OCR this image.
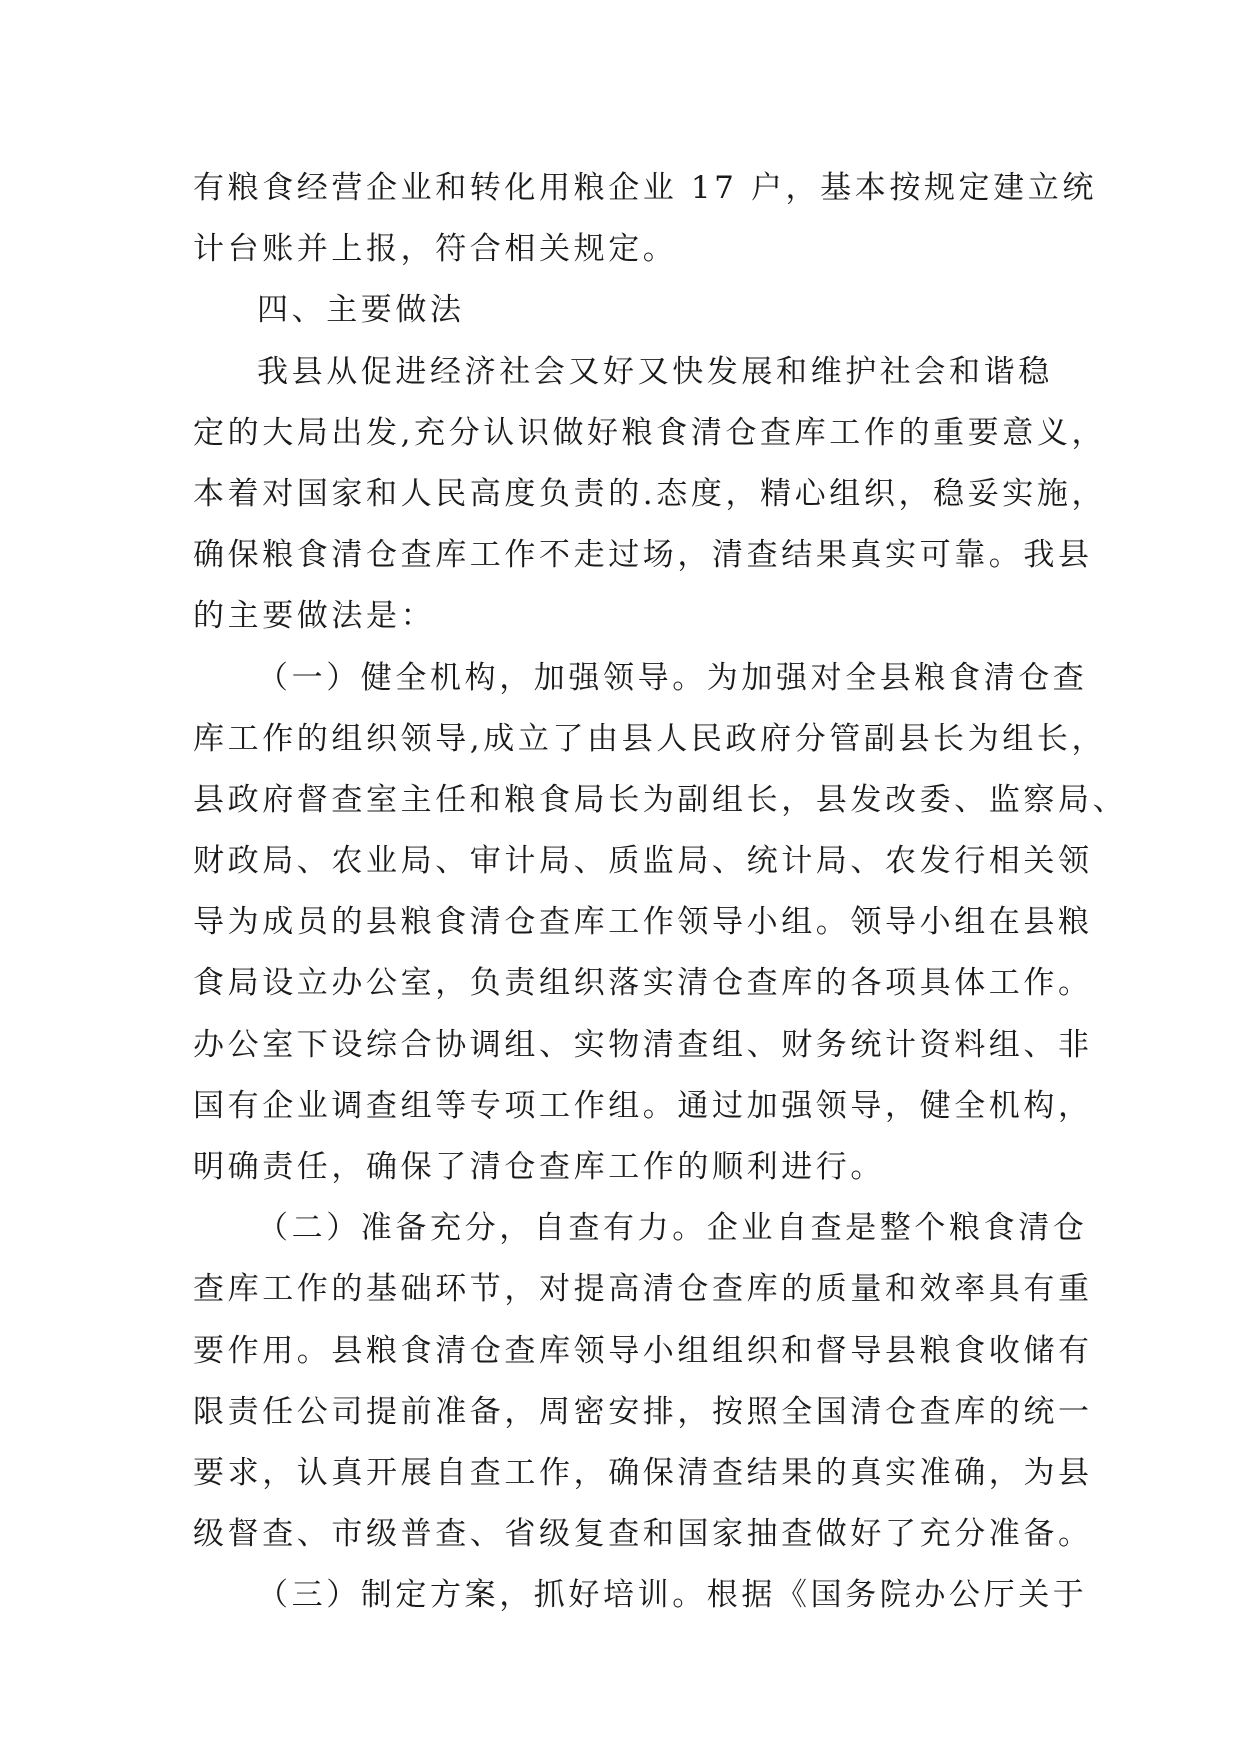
有粮食经营企业和转化用粮企业 17 户，基本按规定建立统
计台账并上报，符合相关规定。
四、主要做法
我县从促进经济社会又好又快发展和维护社会和谐稳
定的大局出发,充分认识做好粮食清仓查库工作的重要意义，
本着对国家和人民高度负责的.态度，精心组织，稳妥实施，
确保粮食清仓查库工作不走过场，清查结果真实可靠。我县
的主要做法是：
（一）健全机构，加强领导。为加强对全县粮食清仓查
库工作的组织领导,成立了由县人民政府分管副县长为组长，
县政府督查室主任和粮食局长为副组长，县发改委、监察局、
财政局、农业局、审计局、质监局、统计局、农发行相关领
导为成员的县粮食清仓查库工作领导小组。领导小组在县粮
食局设立办公室，负责组织落实清仓查库的各项具体工作。
办公室下设综合协调组、实物清查组、财务统计资料组、非
国有企业调查组等专项工作组。通过加强领导，健全机构，
明确责任，确保了清仓查库工作的顺利进行。
（二）准备充分，自查有力。企业自查是整个粮食清仓
查库工作的基础环节，对提高清仓查库的质量和效率具有重
要作用。县粮食清仓查库领导小组组织和督导县粮食收储有
限责任公司提前准备，周密安排，按照全国清仓查库的统一
要求，认真开展自查工作，确保清查结果的真实准确，为县
级督查、市级普查、省级复查和国家抽查做好了充分准备。
（三）制定方案，抓好培训。根据《国务院办公厅关于
